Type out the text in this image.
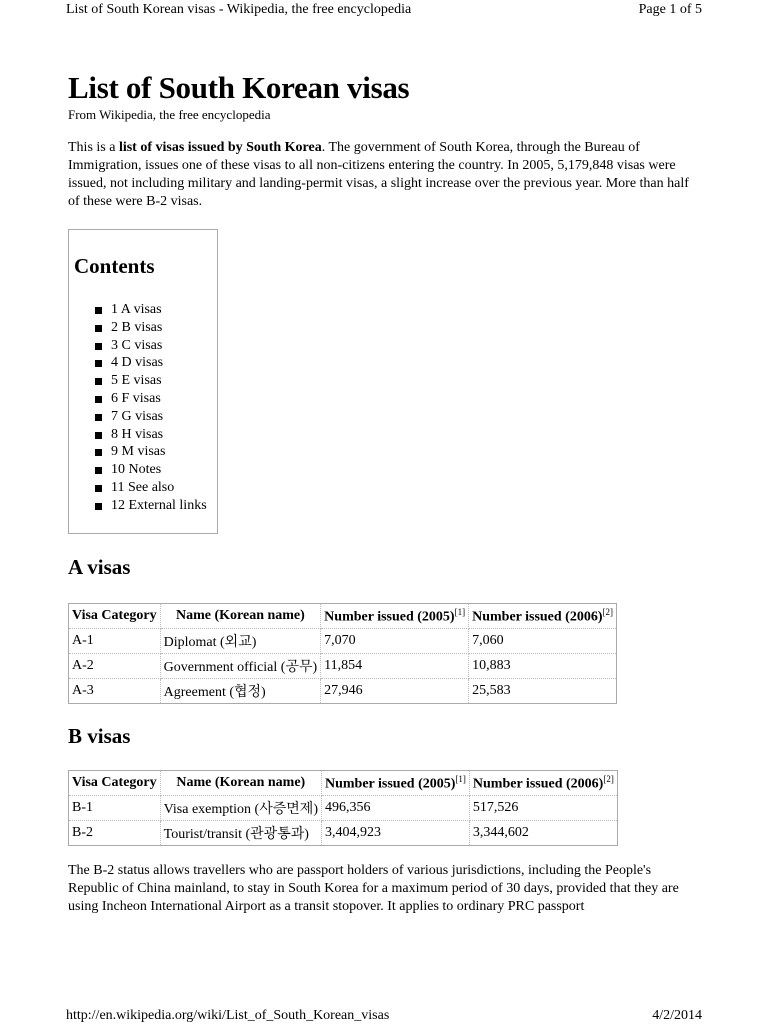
List of South Korean visas - Wikipedia, the free encyclopedia	Page 1 of 5
List of South Korean visas
From Wikipedia, the free encyclopedia
This is a list of visas issued by South Korea. The government of South Korea, through the Bureau of Immigration, issues one of these visas to all non-citizens entering the country. In 2005, 5,179,848 visas were issued, not including military and landing-permit visas, a slight increase over the previous year. More than half of these were B-2 visas.
Contents
1 A visas
2 B visas
3 C visas
4 D visas
5 E visas
6 F visas
7 G visas
8 H visas
9 M visas
10 Notes
11 See also
12 External links
A visas
Visa Category	Name (Korean name)	Number issued (2005)[1]	Number issued (2006)[2]
A-1	Diplomat (외교)	7,070	7,060
A-2	Government official (공무)	11,854	10,883
A-3	Agreement (협정)	27,946	25,583
B visas
Visa Category	Name (Korean name)	Number issued (2005)[1]	Number issued (2006)[2]
B-1	Visa exemption (사증면제)	496,356	517,526
B-2	Tourist/transit (관광통과)	3,404,923	3,344,602
The B-2 status allows travellers who are passport holders of various jurisdictions, including the People's Republic of China mainland, to stay in South Korea for a maximum period of 30 days, provided that they are using Incheon International Airport as a transit stopover. It applies to ordinary PRC passport
http://en.wikipedia.org/wiki/List_of_South_Korean_visas	4/2/2014
